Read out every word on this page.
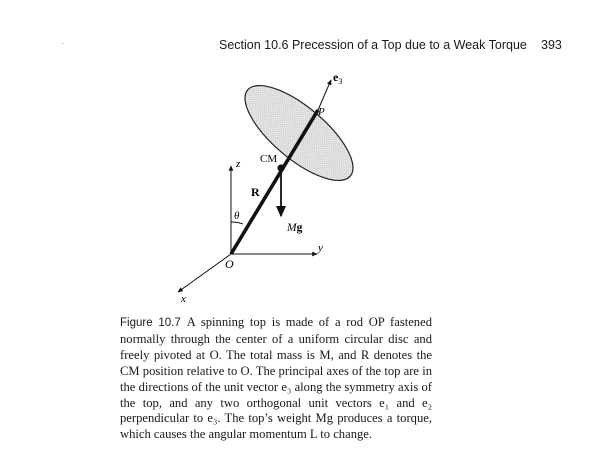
Section 10.6 Precession of a Top due to a Weak Torque 393
$e_3$
P
CM
z
R
θ
Mg
y
O
x
Figure 10.7 A spinning top is made of a rod OP fastened normally through the center of a uniform circular disc and freely pivoted at O. The total mass is M, and R denotes the CM position relative to O. The principal axes of the top are in the directions of the unit vector e₃ along the symmetry axis of the top, and any two orthogonal unit vectors e₁ and e₂ perpendicular to e₃. The top’s weight Mg produces a torque, which causes the angular momentum L to change.
